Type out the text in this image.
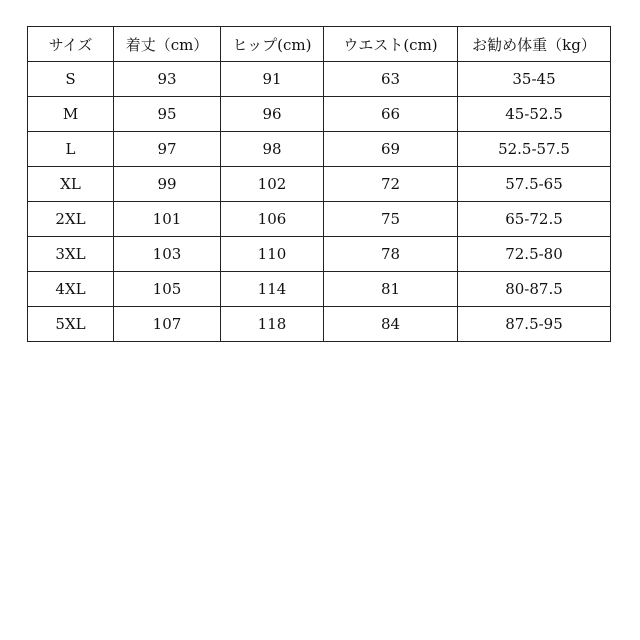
サイズ	着丈（cm）	ヒップ(cm)	ウエスト(cm)	お勧め体重（kg）
S	93	91	63	35-45
M	95	96	66	45-52.5
L	97	98	69	52.5-57.5
XL	99	102	72	57.5-65
2XL	101	106	75	65-72.5
3XL	103	110	78	72.5-80
4XL	105	114	81	80-87.5
5XL	107	118	84	87.5-95
